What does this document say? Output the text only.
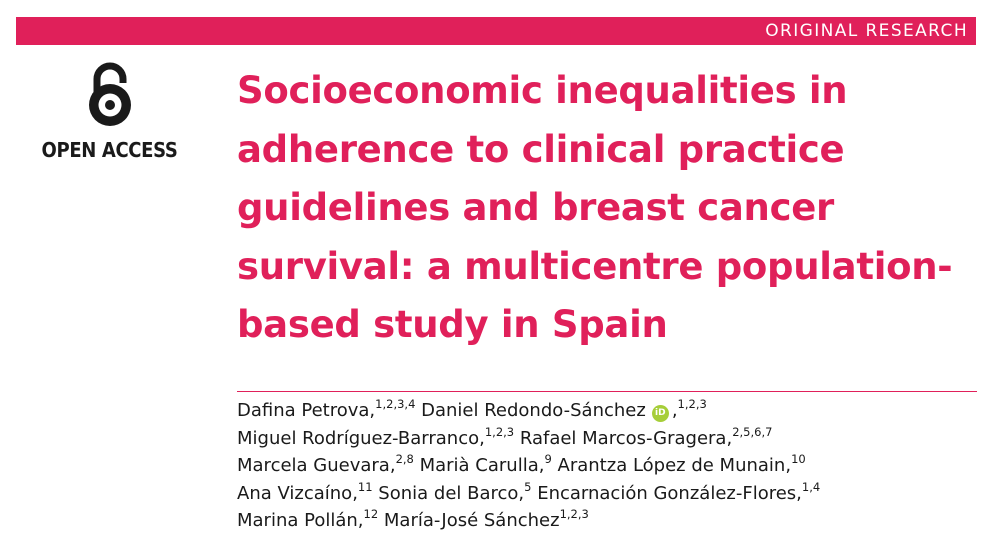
ORIGINAL RESEARCH
OPEN ACCESS
Socioeconomic inequalities in
adherence to clinical practice
guidelines and breast cancer
survival: a multicentre population-
based study in Spain
Dafina Petrova,$^{1,2,3,4}$ Daniel Redondo-Sánchez iD ,$^{1,2,3}$
Miguel Rodríguez-Barranco,$^{1,2,3}$ Rafael Marcos-Gragera,$^{2,5,6,7}$
Marcela Guevara,$^{2,8}$ Marià Carulla,$^9$ Arantza López de Munain,$^{10}$
Ana Vizcaíno,$^{11}$ Sonia del Barco,$^5$ Encarnación González-Flores,$^{1,4}$
Marina Pollán,$^{12}$ María-José Sánchez$^{1,2,3}$
